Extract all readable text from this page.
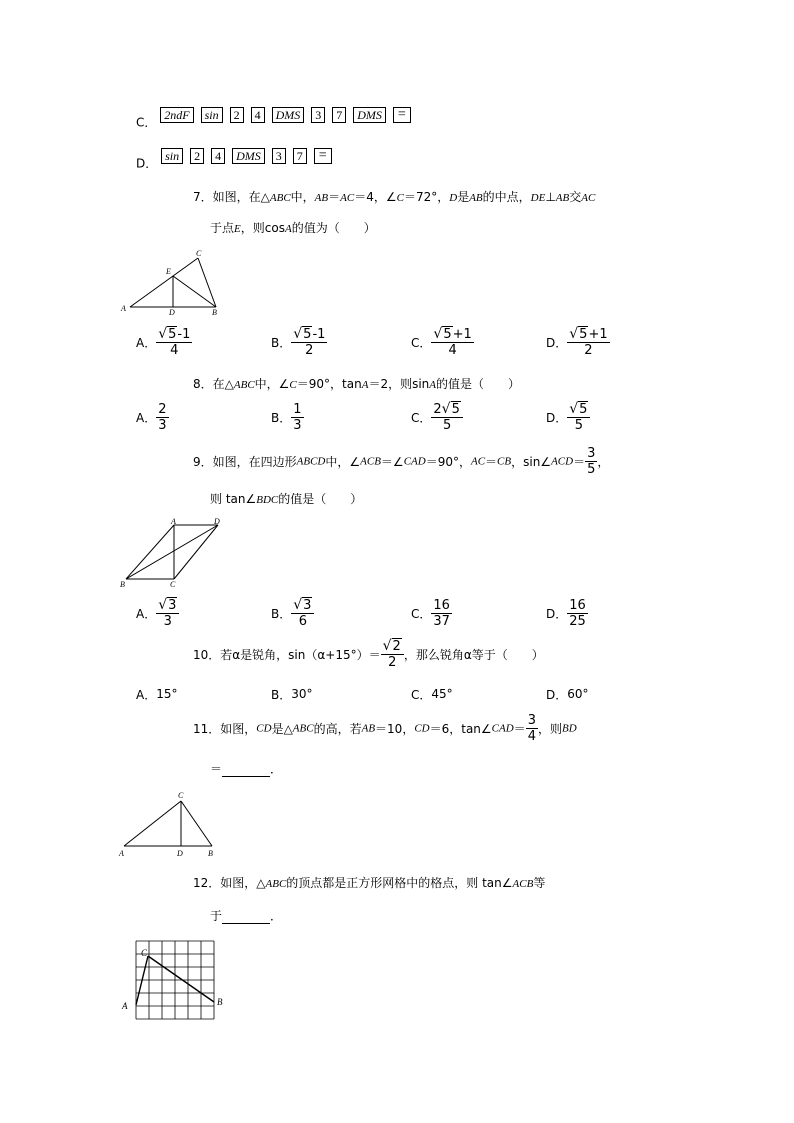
C． 2ndF sin 2 4 DMS 3 7 DMS =
D． sin 2 4 DMS 3 7 =
7．如图，在△ABC中，AB＝AC＝4，∠C＝72°，D是AB的中点，DE⊥AB交AC
于点E，则cosA的值为（　　）
A	B
C
D
E
A． $\frac{√5-1}{4}$	B． $\frac{√5-1}{2}$	C． $\frac{√5+1}{4}$	D． $\frac{√5+1}{2}$
8．在△ABC中，∠C＝90°，tanA＝2，则sinA的值是（　　）
A． $\frac{2}{3}$	B． $\frac{1}{3}$	C． $\frac{2√5}{5}$	D． $\frac{√5}{5}$
9．如图，在四边形ABCD中，∠ACB＝∠CAD＝90°，AC＝CB，sin∠ACD＝ $\frac{3}{5}$ ，
则 tan∠BDC的值是（　　）
A
B	C
D
A． $\frac{√3}{3}$	B． $\frac{√3}{6}$	C． $\frac{16}{37}$	D． $\frac{16}{25}$
10．若α是锐角，$\sin(\alpha+15^\circ)= \frac{√2}{2}$ ，那么锐角α等于（　　）
A．15°	B．30°	C．45°	D．60°
11．如图，CD是△ABC的高，若AB＝10，CD＝6，tan∠CAD＝ $\frac{3}{4}$ ，则BD
＝	．
A	B
C
D
12．如图，△ABC的顶点都是正方形网格中的格点，则 tan∠ACB等
于	．
A	B
C
